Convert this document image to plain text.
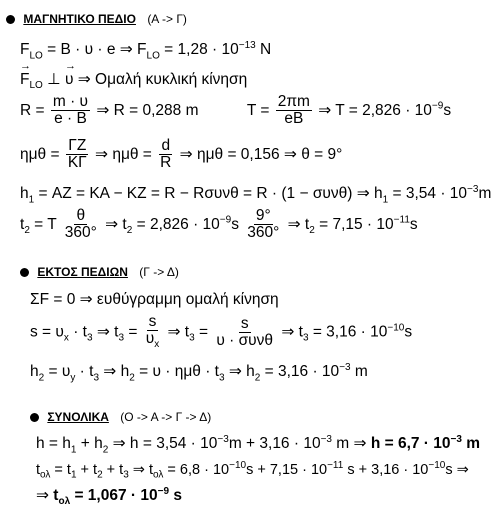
ΜΑΓΝΗΤΙΚΟ ΠΕΔΙΟ (Α -> Γ)
$F_{LO} = B \cdot \upsilon \cdot e$ ⇒ $F_{LO} = 1,28 \cdot 10^{-13}$ N
→ $F_{LO}$ ⊥ → υ ⇒ Ομαλή κυκλική κίνηση
$R = \frac{m \cdot \upsilon}{e \cdot B}$ ⇒ R = 0,288 m	$T = \frac{2\pi m}{eB}$ ⇒ $T = 2,826 \cdot 10^{-9}s$
$\eta\mu\theta = \frac{\Gamma Z}{K\Gamma}$ ⇒ $\eta\mu\theta = \frac{d}{R}$ ⇒ ημθ = 0,156 ⇒ θ = 9°
$h_1 = AZ = KA - KZ = R - R\sigma\upsilon\nu\theta = R \cdot (1 - \sigma\upsilon\nu\theta)$ ⇒ $h_1 = 3,54 \cdot 10^{-3}m$
$t_2 = T \frac{\theta}{360^\circ}$ ⇒ $t_2 = 2,826 \cdot 10^{-9}s \frac{9^\circ}{360^\circ}$ ⇒ $t_2 = 7,15 \cdot 10^{-11}s$
ΕΚΤΟΣ ΠΕΔΙΩΝ (Γ -> Δ)
ΣF = 0 ⇒ ευθύγραμμη ομαλή κίνηση
$s = \upsilon_x \cdot t_3$ ⇒ $t_3 = \frac{s}{\upsilon_x}$ ⇒ $t_3 = \frac{s}{\text{υ · συνθ}}$ ⇒ $t_3 = 3,16 \cdot 10^{-10}s$
$h_2 = \upsilon_y \cdot t_3$ ⇒ $h_2 = \upsilon \cdot \eta\mu\theta \cdot t_3$ ⇒ $h_2 = 3,16 \cdot 10^{-3}$ m
ΣΥΝΟΛΙΚΑ (Ο -> Α -> Γ -> Δ)
$h = h_1 + h_2$ ⇒ $h = 3,54 \cdot 10^{-3}m + 3,16 \cdot 10^{-3}$ m ⇒ $h = 6,7 \cdot 10^{-3}$ m
$t_{o\lambda} = t_1 + t_2 + t_3$ ⇒ $t_{o\lambda} = 6,8 \cdot 10^{-10}s + 7,15 \cdot 10^{-11}$ $s + 3,16 \cdot 10^{-10}s$ ⇒
⇒ $t_{o\lambda} = 1,067 \cdot 10^{-9}$ s
